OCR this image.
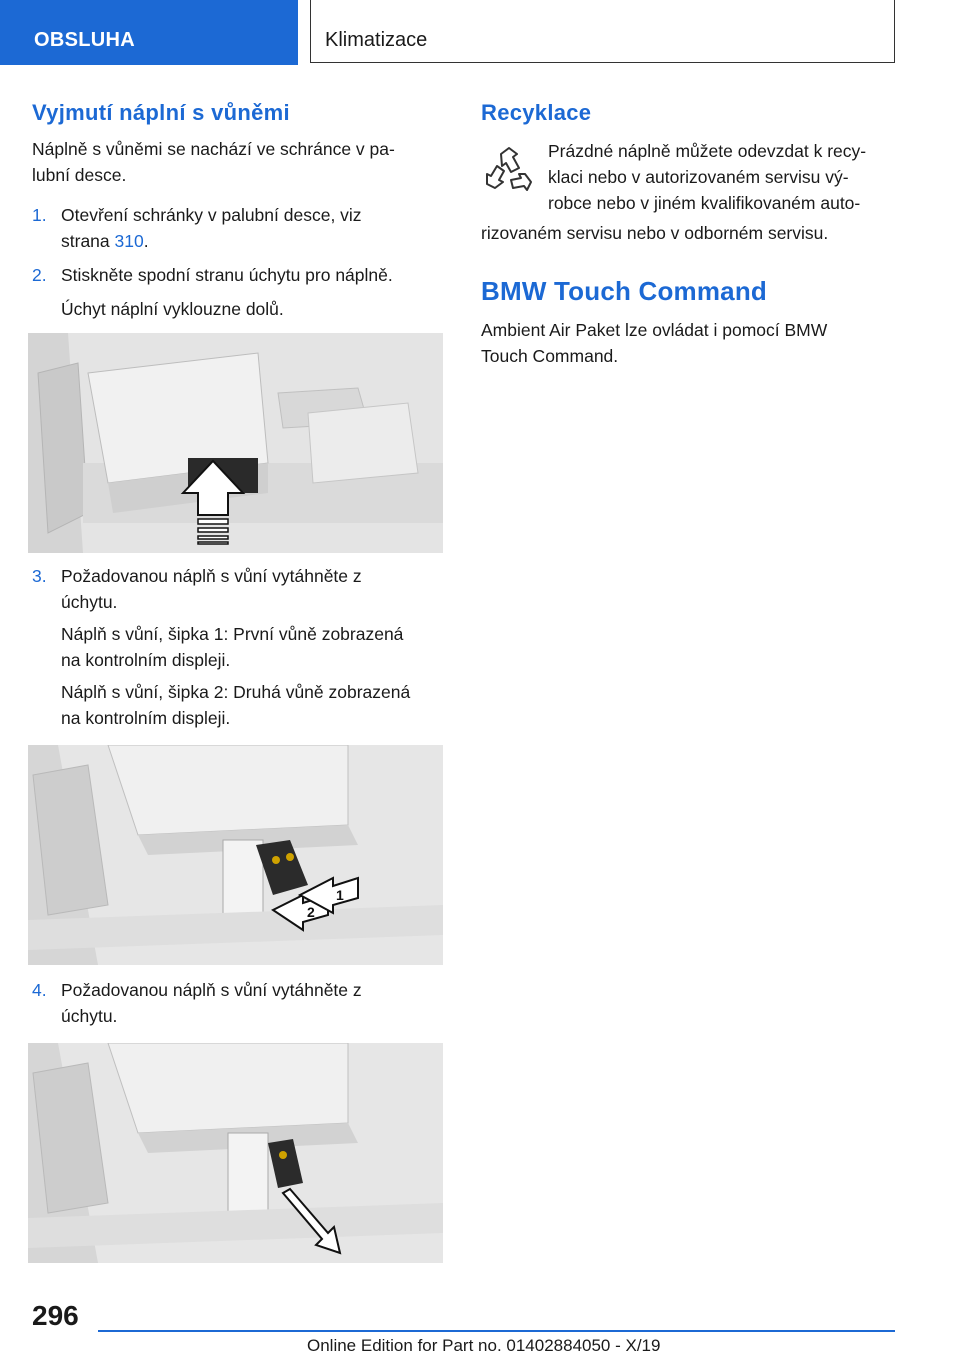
OBSLUHA	Klimatizace
Vyjmutí náplní s vůněmi

Náplně s vůněmi se nachází ve schránce v pa-

lubní desce.

1. Otevření schránky v palubní desce, viz
strana 310.
2. Stiskněte spodní stranu úchytu pro náplně.
Úchyt náplní vyklouzne dolů.
3. Požadovanou náplň s vůní vytáhněte z
úchytu.
Náplň s vůní, šipka 1: První vůně zobrazená
na kontrolním displeji.
Náplň s vůní, šipka 2: Druhá vůně zobrazená
na kontrolním displeji.
2
1
4. Požadovanou náplň s vůní vytáhněte z
úchytu.
Recyklace
Prázdné náplně můžete odevzdat k recy-
klaci nebo v autorizovaném servisu vý-
robce nebo v jiném kvalifikovaném auto-

rizovaném servisu nebo v odborném servisu.

BMW Touch Command

Ambient Air Paket lze ovládat i pomocí BMW

Touch Command.

296
Online Edition for Part no. 01402884050 - X/19
